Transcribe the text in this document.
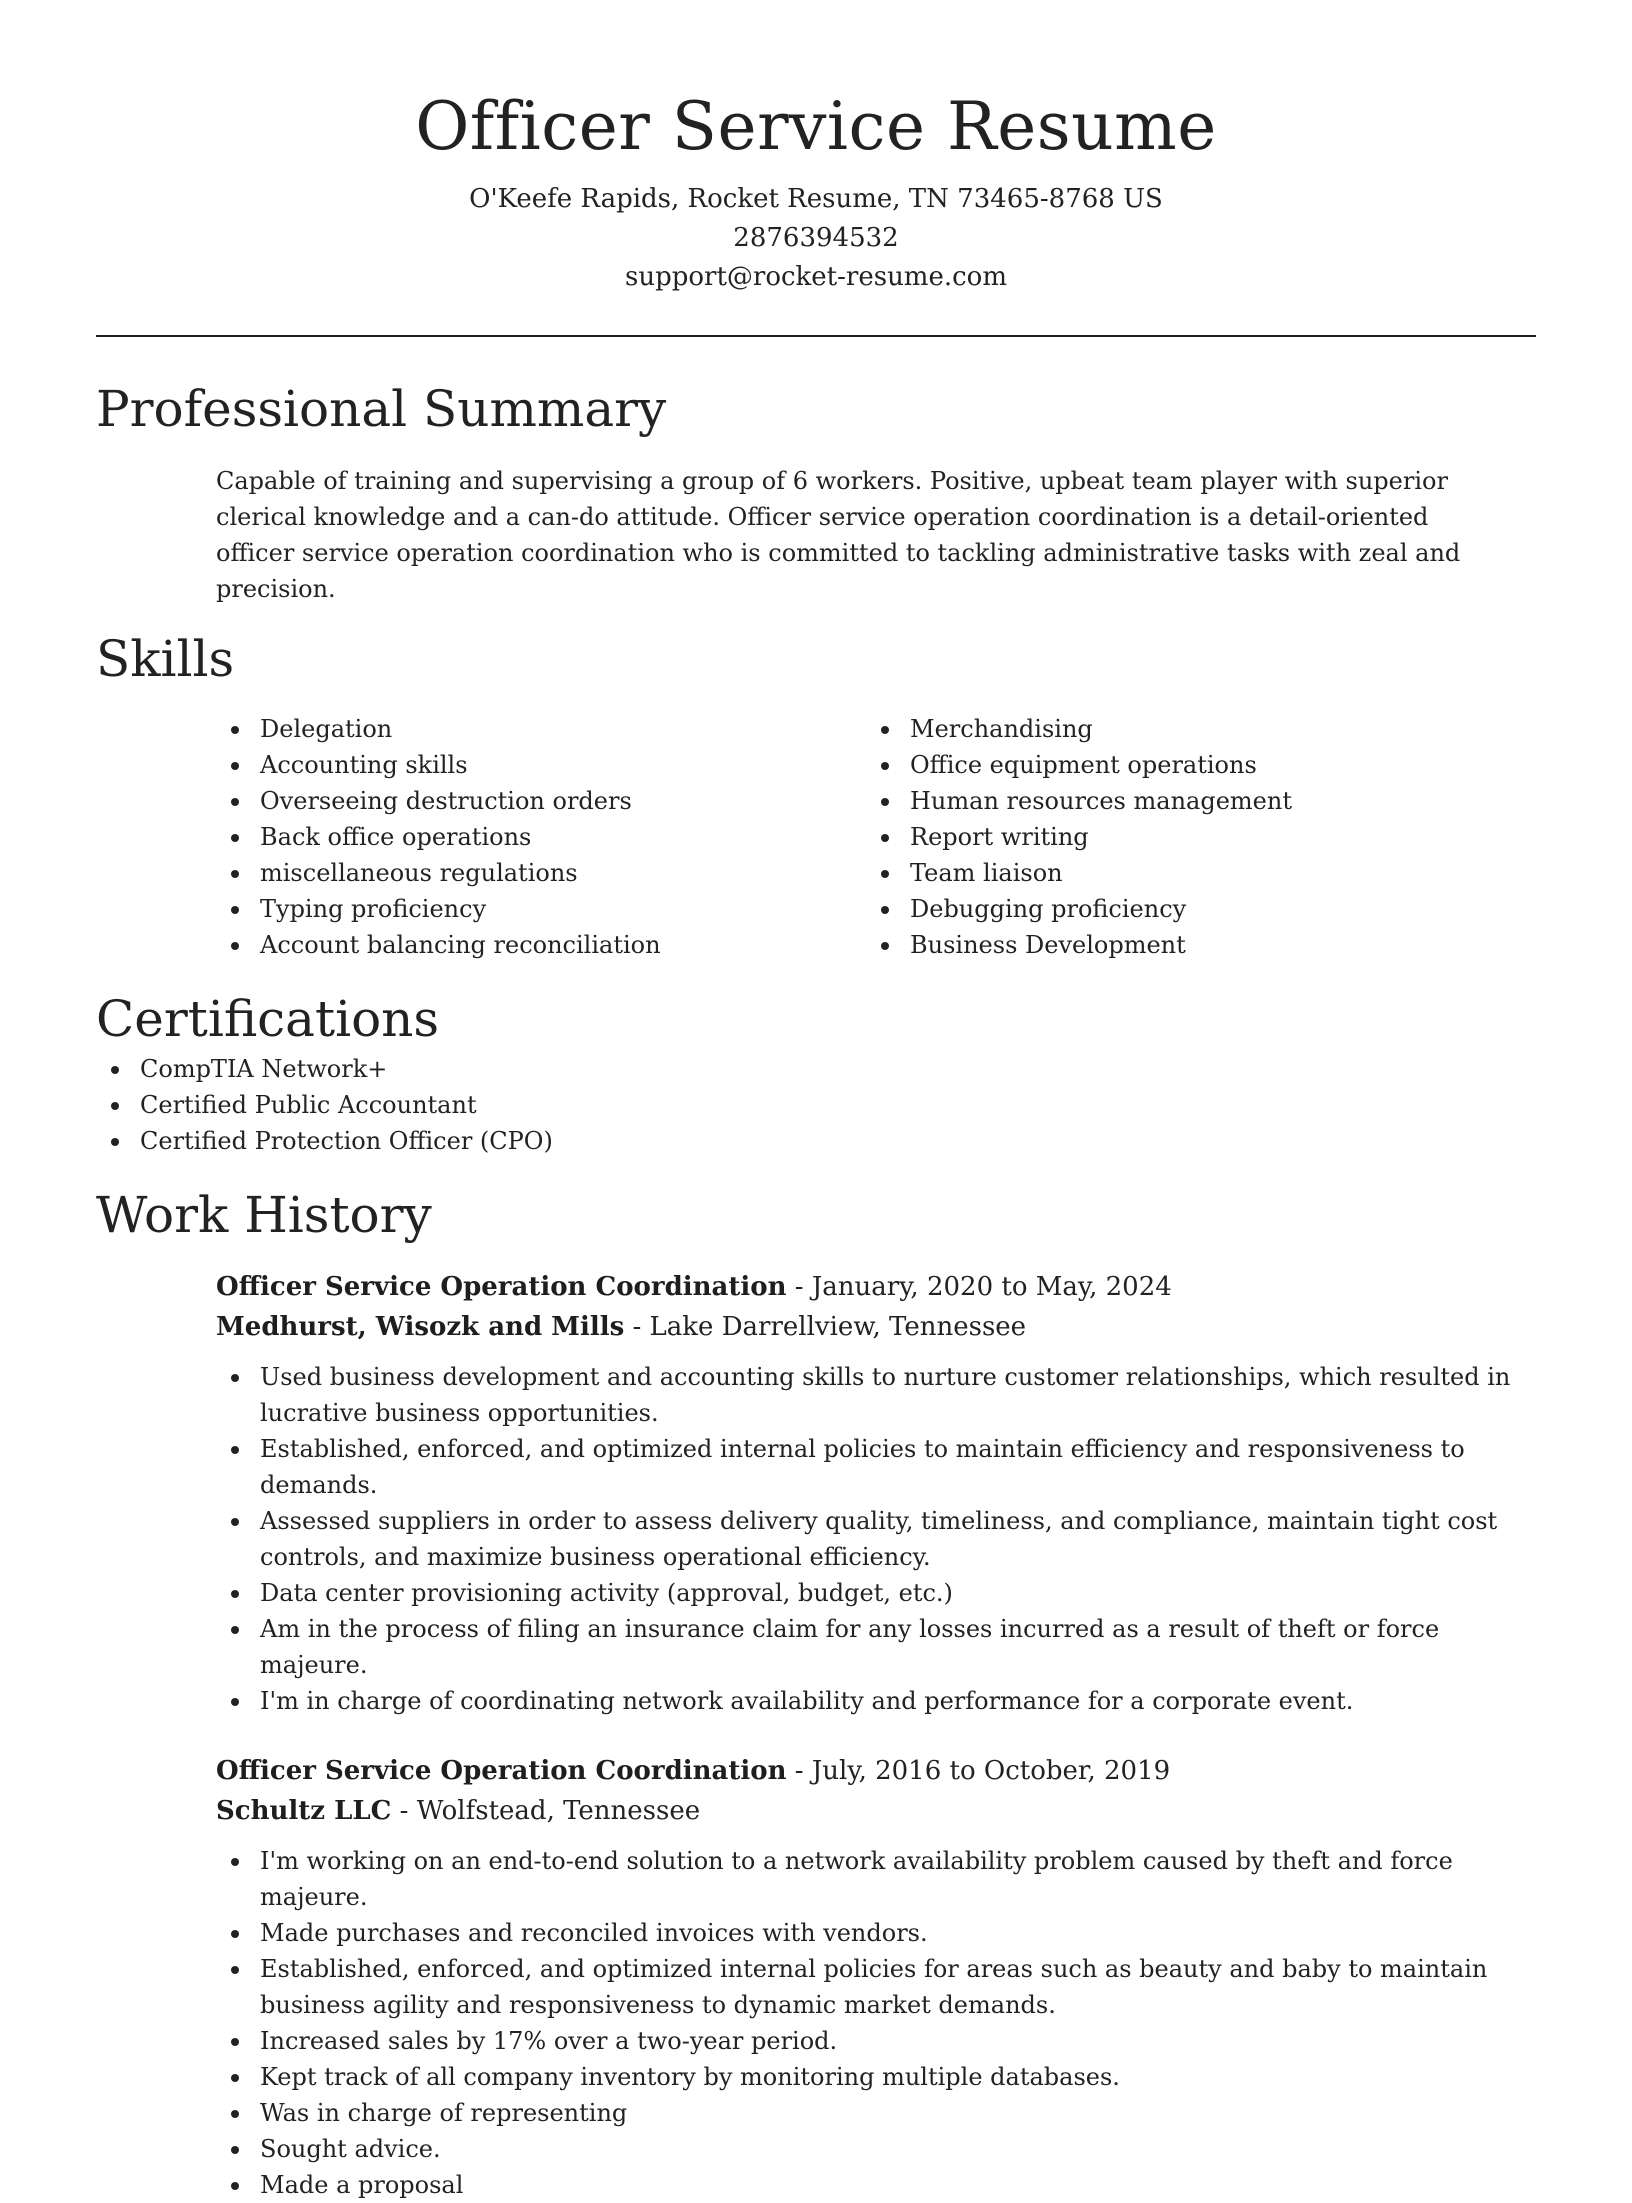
Officer Service Resume

O'Keefe Rapids, Rocket Resume, TN 73465-8768 US

2876394532

support@rocket-resume.com

Professional Summary

Capable of training and supervising a group of 6 workers. Positive, upbeat team player with superior clerical knowledge and a can-do attitude. Officer service operation coordination is a detail-oriented officer service operation coordination who is committed to tackling administrative tasks with zeal and precision.

Skills
Delegation
Accounting skills
Overseeing destruction orders
Back office operations
miscellaneous regulations
Typing proficiency
Account balancing reconciliation
Merchandising
Office equipment operations
Human resources management
Report writing
Team liaison
Debugging proficiency
Business Development
Certifications
CompTIA Network+
Certified Public Accountant
Certified Protection Officer (CPO)
Work History

Officer Service Operation Coordination - January, 2020 to May, 2024

Medhurst, Wisozk and Mills - Lake Darrellview, Tennessee

Used business development and accounting skills to nurture customer relationships, which resulted in lucrative business opportunities.
Established, enforced, and optimized internal policies to maintain efficiency and responsiveness to demands.
Assessed suppliers in order to assess delivery quality, timeliness, and compliance, maintain tight cost controls, and maximize business operational efficiency.
Data center provisioning activity (approval, budget, etc.)
Am in the process of filing an insurance claim for any losses incurred as a result of theft or force majeure.
I'm in charge of coordinating network availability and performance for a corporate event.

Officer Service Operation Coordination - July, 2016 to October, 2019

Schultz LLC - Wolfstead, Tennessee

I'm working on an end-to-end solution to a network availability problem caused by theft and force majeure.
Made purchases and reconciled invoices with vendors.
Established, enforced, and optimized internal policies for areas such as beauty and baby to maintain business agility and responsiveness to dynamic market demands.
Increased sales by 17% over a two-year period.
Kept track of all company inventory by monitoring multiple databases.
Was in charge of representing
Sought advice.
Made a proposal
